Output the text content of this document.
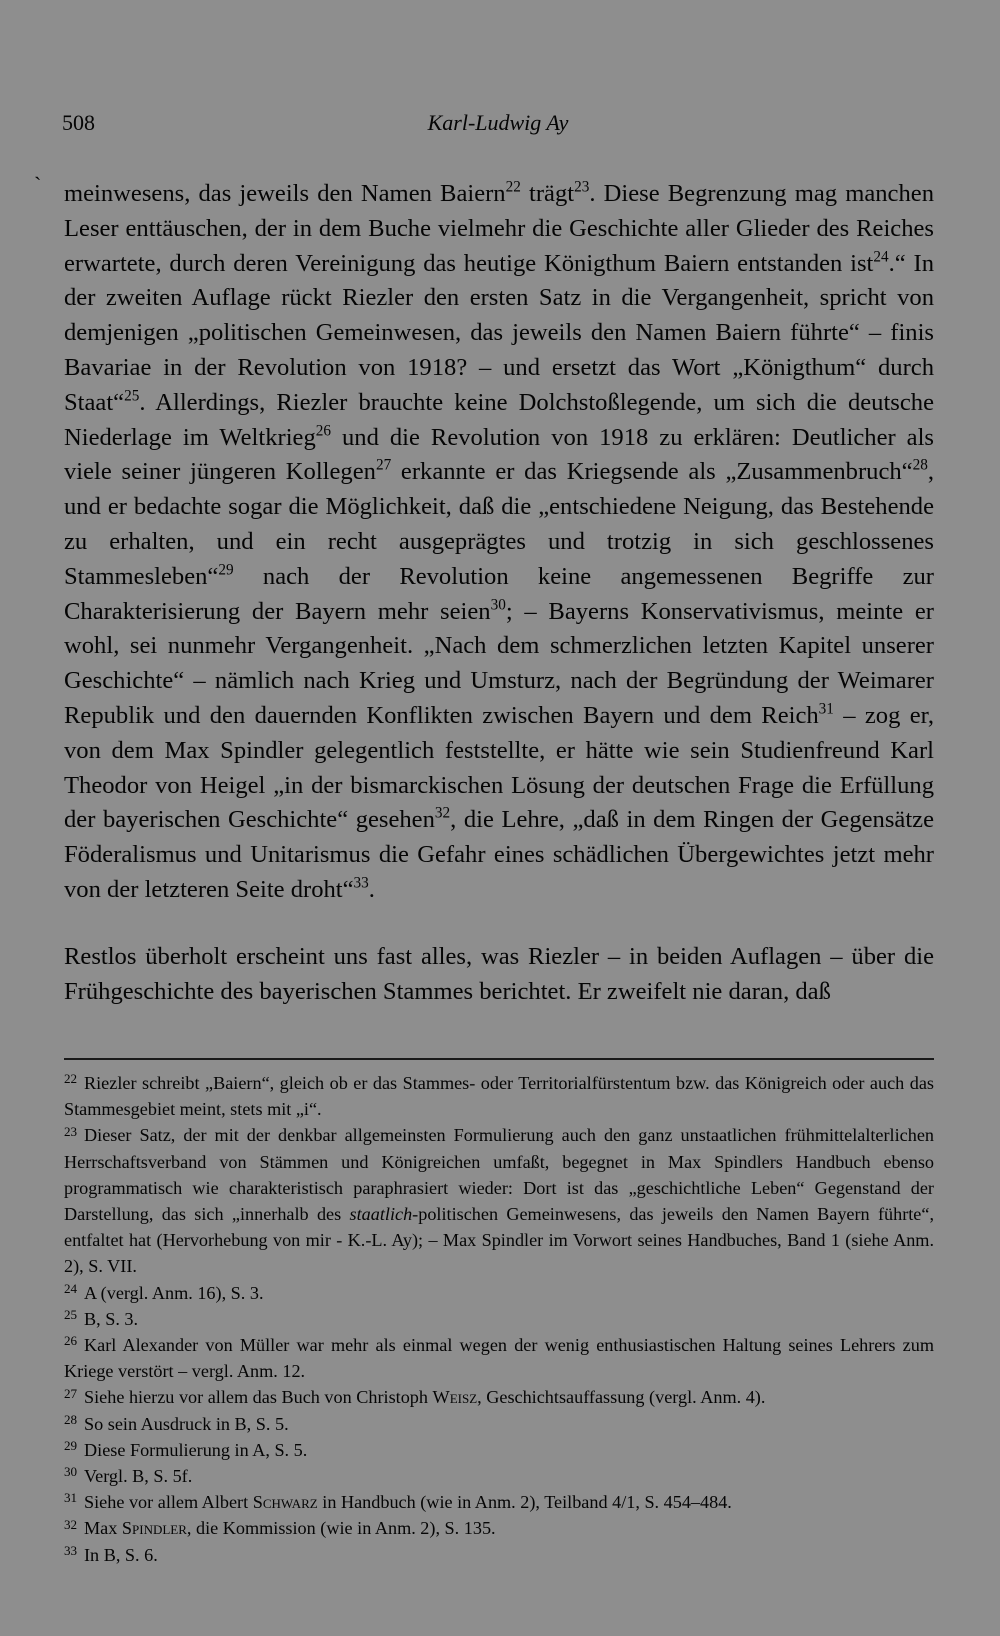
508	Karl-Ludwig Ay
` meinwesens, das jeweils den Namen Baiern$^{22}$ trägt$^{23}$. Diese Begrenzung mag manchen Leser enttäuschen, der in dem Buche vielmehr die Geschichte aller Glieder des Reiches erwartete, durch deren Vereinigung das heutige Königthum Baiern entstanden ist$^{24}$.“ In der zweiten Auflage rückt Riezler den ersten Satz in die Vergangenheit, spricht von demjenigen „politischen Gemeinwesen, das jeweils den Namen Baiern führte“ – finis Bavariae in der Revolution von 1918? – und ersetzt das Wort „Königthum“ durch Staat“$^{25}$. Allerdings, Riezler brauchte keine Dolchstoßlegende, um sich die deutsche Niederlage im Weltkrieg$^{26}$ und die Revolution von 1918 zu erklären: Deutlicher als viele seiner jüngeren Kollegen$^{27}$ erkannte er das Kriegsende als „Zusammenbruch“$^{28}$, und er bedachte sogar die Möglichkeit, daß die „entschiedene Neigung, das Bestehende zu erhalten, und ein recht ausgeprägtes und trotzig in sich geschlossenes Stammesleben“$^{29}$ nach der Revolution keine angemessenen Begriffe zur Charakterisierung der Bayern mehr seien$^{30}$; – Bayerns Konservativismus, meinte er wohl, sei nunmehr Vergangenheit. „Nach dem schmerzlichen letzten Kapitel unserer Geschichte“ – nämlich nach Krieg und Umsturz, nach der Begründung der Weimarer Republik und den dauernden Konflikten zwischen Bayern und dem Reich$^{31}$ – zog er, von dem Max Spindler gelegentlich feststellte, er hätte wie sein Studienfreund Karl Theodor von Heigel „in der bismarckischen Lösung der deutschen Frage die Erfüllung der bayerischen Geschichte“ gesehen$^{32}$, die Lehre, „daß in dem Ringen der Gegensätze Föderalismus und Unitarismus die Gefahr eines schädlichen Übergewichtes jetzt mehr von der letzteren Seite droht“$^{33}$.

Restlos überholt erscheint uns fast alles, was Riezler – in beiden Auflagen – über die Frühgeschichte des bayerischen Stammes berichtet. Er zweifelt nie daran, daß

22 Riezler schreibt „Baiern“, gleich ob er das Stammes- oder Territorialfürstentum bzw. das Königreich oder auch das Stammesgebiet meint, stets mit „i“.

23 Dieser Satz, der mit der denkbar allgemeinsten Formulierung auch den ganz unstaatlichen frühmittelalterlichen Herrschaftsverband von Stämmen und Königreichen umfaßt, begegnet in Max Spindlers Handbuch ebenso programmatisch wie charakteristisch paraphrasiert wieder: Dort ist das „geschichtliche Leben“ Gegenstand der Darstellung, das sich „innerhalb des staatlich-politischen Gemeinwesens, das jeweils den Namen Bayern führte“, entfaltet hat (Hervorhebung von mir - K.-L. Ay); – Max Spindler im Vorwort seines Handbuches, Band 1 (siehe Anm. 2), S. VII.

24 A (vergl. Anm. 16), S. 3.

25 B, S. 3.

26 Karl Alexander von Müller war mehr als einmal wegen der wenig enthusiastischen Haltung seines Lehrers zum Kriege verstört – vergl. Anm. 12.

27 Siehe hierzu vor allem das Buch von Christoph Weisz, Geschichtsauffassung (vergl. Anm. 4).

28 So sein Ausdruck in B, S. 5.

29 Diese Formulierung in A, S. 5.

30 Vergl. B, S. 5f.

31 Siehe vor allem Albert Schwarz in Handbuch (wie in Anm. 2), Teilband 4/1, S. 454–484.

32 Max Spindler, die Kommission (wie in Anm. 2), S. 135.

33 In B, S. 6.
